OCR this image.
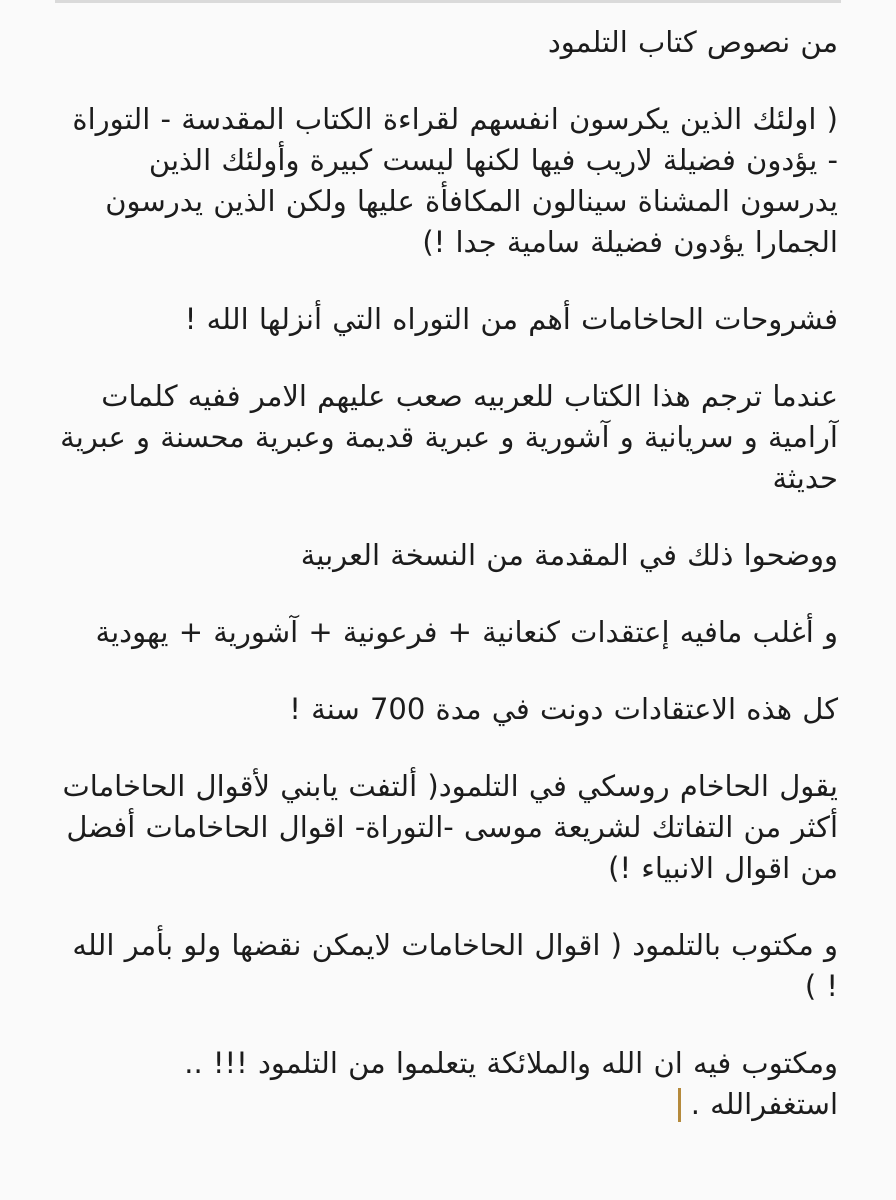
من نصوص كتاب التلمود

( اولئك الذين يكرسون انفسهم لقراءة الكتاب المقدسة - التوراة - يؤدون فضيلة لاريب فيها لكنها ليست كبيرة وأولئك الذين يدرسون المشناة سينالون المكافأة عليها ولكن الذين يدرسون الجمارا يؤدون فضيلة سامية جدا !)

فشروحات الحاخامات أهم من التوراه التي أنزلها الله !

عندما ترجم هذا الكتاب للعربيه صعب عليهم الامر ففيه كلمات آرامية و سريانية و آشورية و عبرية قديمة وعبرية محسنة و عبرية حديثة

ووضحوا ذلك في المقدمة من النسخة العربية

و أغلب مافيه إعتقدات كنعانية + فرعونية + آشورية + يهودية

كل هذه الاعتقادات دونت في مدة 700 سنة !

يقول الحاخام روسكي في التلمود( ألتفت يابني لأقوال الحاخامات أكثر من التفاتك لشريعة موسى -التوراة- اقوال الحاخامات أفضل من اقوال الانبياء !)

و مكتوب بالتلمود ( اقوال الحاخامات لايمكن نقضها ولو بأمر الله ! )

ومكتوب فيه ان الله والملائكة يتعلموا من التلمود !!! .. استغفرالله .
